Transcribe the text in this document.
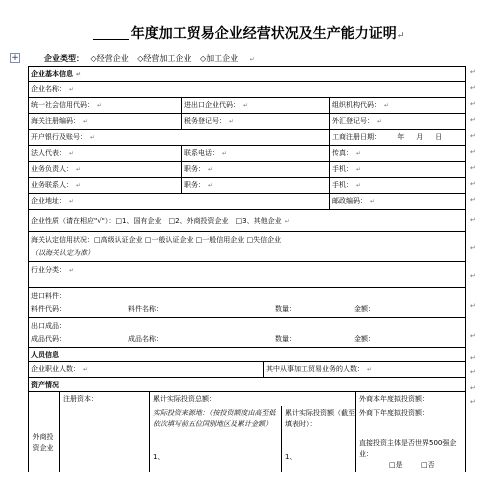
年度加工贸易企业经营状况及生产能力证明↵
+	企业类型： ◇经营企业 ◇经营加工企业 ◇加工企业 ↵
企业基本信息 ↵
企业名称： ↵
统一社会信用代码： ↵	进出口企业代码： ↵	组织机构代码： ↵
海关注册编码： ↵	税务登记号： ↵	外汇登记号： ↵
开户银行及账号： ↵	工商注册日期： 年 月 日
法人代表： ↵	联系电话： ↵	传真： ↵
业务负责人： ↵	职务： ↵	手机： ↵
业务联系人： ↵	职务： ↵	手机： ↵
企业地址： ↵	邮政编码： ↵
企业性质（请在相应"√"）：□1、国有企业　□2、外商投资企业　□3、其他企业 ↵
海关认定信用状况：□高级认证企业 □一般认证企业 □一般信用企业 □失信企业
（以海关认定为准）
行业分类： ↵
进口料件：
料件代码：	料件名称：	数量：	金额：
出口成品：
成品代码：	成品名称：	数量：	金额：
人员信息
企业职业人数： ↵	其中从事加工贸易业务的人数： ↵
资产情况
外商投资企业
注册资本：	累计实际投资总额：
实际投资来源地：（按投资额度由高至低依次填写前五位国别地区及累计金额）
累计实际投资额（截至填表时）：
1、	1、
外商本年度拟投资额：
外商下年度拟投资额：
直接投资主体是否世界500强企业：
□是	□否
↵
↵
↵
↵
↵
↵
↵
↵
↵
↵
↵
↵
↵
↵
↵
↵
↵
↵
